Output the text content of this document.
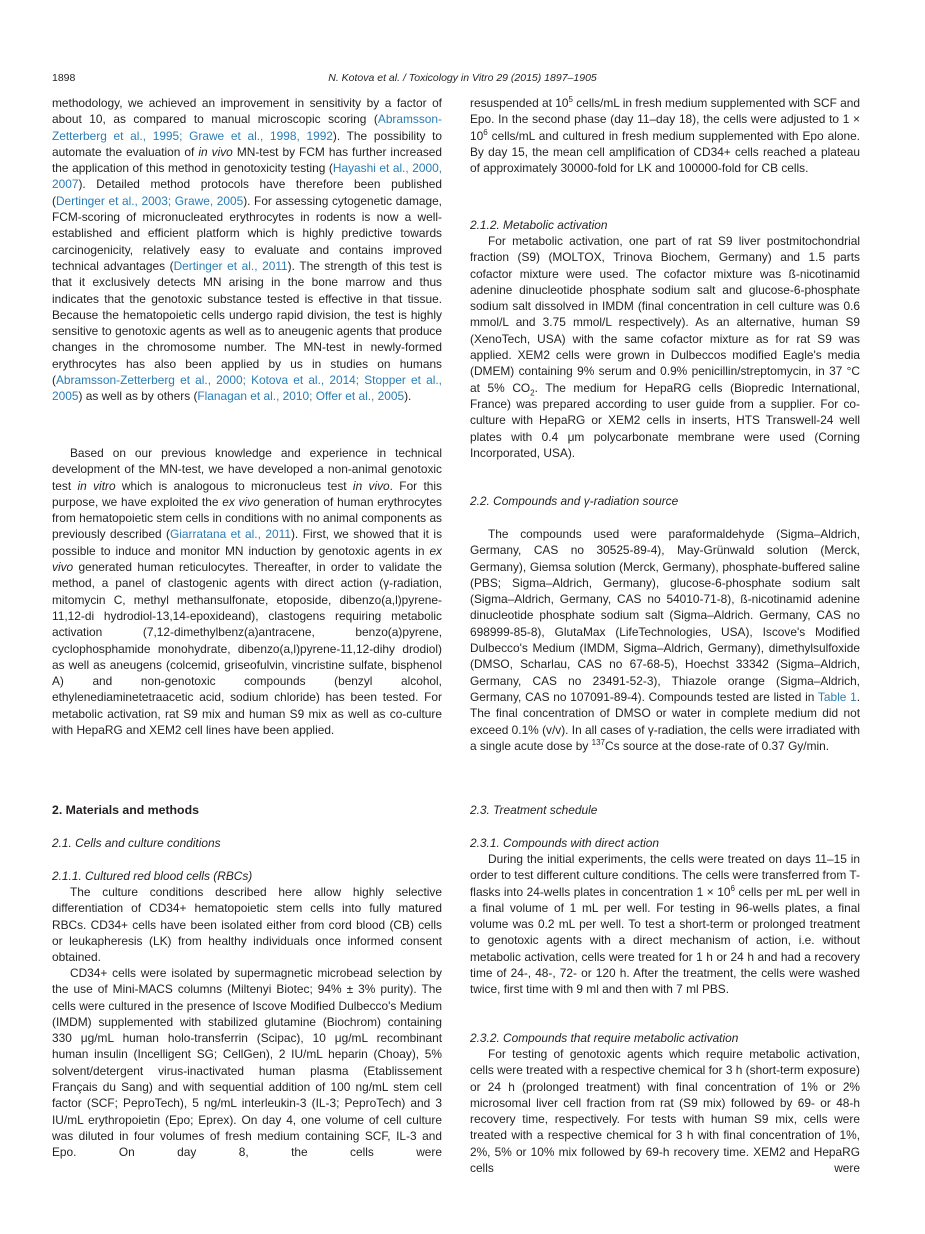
1898	N. Kotova et al. / Toxicology in Vitro 29 (2015) 1897–1905

methodology, we achieved an improvement in sensitivity by a factor of about 10, as compared to manual microscopic scoring (Abramsson-Zetterberg et al., 1995; Grawe et al., 1998, 1992). The possibility to automate the evaluation of in vivo MN-test by FCM has further increased the application of this method in genotoxicity testing (Hayashi et al., 2000, 2007). Detailed method protocols have therefore been published (Dertinger et al., 2003; Grawe, 2005). For assessing cytogenetic damage, FCM-scoring of micronucleated erythrocytes in rodents is now a well-established and efficient platform which is highly predictive towards carcinogenicity, relatively easy to evaluate and contains improved technical advantages (Dertinger et al., 2011). The strength of this test is that it exclusively detects MN arising in the bone marrow and thus indicates that the genotoxic substance tested is effective in that tissue. Because the hematopoietic cells undergo rapid division, the test is highly sensitive to genotoxic agents as well as to aneugenic agents that produce changes in the chromosome number. The MN-test in newly-formed erythrocytes has also been applied by us in studies on humans (Abramsson-Zetterberg et al., 2000; Kotova et al., 2014; Stopper et al., 2005) as well as by others (Flanagan et al., 2010; Offer et al., 2005).

Based on our previous knowledge and experience in technical development of the MN-test, we have developed a non-animal genotoxic test in vitro which is analogous to micronucleus test in vivo. For this purpose, we have exploited the ex vivo generation of human erythrocytes from hematopoietic stem cells in conditions with no animal components as previously described (Giarratana et al., 2011). First, we showed that it is possible to induce and monitor MN induction by genotoxic agents in ex vivo generated human reticulocytes. Thereafter, in order to validate the method, a panel of clastogenic agents with direct action (γ-radiation, mitomycin C, methyl methansulfonate, etoposide, dibenzo(a,l)pyrene-11,12-di hydrodiol-13,14-epoxideand), clastogens requiring metabolic activation (7,12-dimethylbenz(a)antracene, benzo(a)pyrene, cyclophosphamide monohydrate, dibenzo(a,l)pyrene-11,12-dihy drodiol) as well as aneugens (colcemid, griseofulvin, vincristine sulfate, bisphenol A) and non-genotoxic compounds (benzyl alcohol, ethylenediaminetetraacetic acid, sodium chloride) has been tested. For metabolic activation, rat S9 mix and human S9 mix as well as co-culture with HepaRG and XEM2 cell lines have been applied.

2. Materials and methods
2.1. Cells and culture conditions
2.1.1. Cultured red blood cells (RBCs)

The culture conditions described here allow highly selective differentiation of CD34+ hematopoietic stem cells into fully matured RBCs. CD34+ cells have been isolated either from cord blood (CB) cells or leukapheresis (LK) from healthy individuals once informed consent obtained.

CD34+ cells were isolated by supermagnetic microbead selection by the use of Mini-MACS columns (Miltenyi Biotec; 94% ± 3% purity). The cells were cultured in the presence of Iscove Modified Dulbecco's Medium (IMDM) supplemented with stabilized glutamine (Biochrom) containing 330 μg/mL human holo-transferrin (Scipac), 10 μg/mL recombinant human insulin (Incelligent SG; CellGen), 2 IU/mL heparin (Choay), 5% solvent/detergent virus-inactivated human plasma (Etablissement Français du Sang) and with sequential addition of 100 ng/mL stem cell factor (SCF; PeproTech), 5 ng/mL interleukin-3 (IL-3; PeproTech) and 3 IU/mL erythropoietin (Epo; Eprex). On day 4, one volume of cell culture was diluted in four volumes of fresh medium containing SCF, IL-3 and Epo. On day 8, the cells were

resuspended at $10^5$ cells/mL in fresh medium supplemented with SCF and Epo. In the second phase (day 11–day 18), the cells were adjusted to $1 \times 10^6$ cells/mL and cultured in fresh medium supplemented with Epo alone. By day 15, the mean cell amplification of CD34+ cells reached a plateau of approximately 30000-fold for LK and 100000-fold for CB cells.

2.1.2. Metabolic activation

For metabolic activation, one part of rat S9 liver postmitochondrial fraction (S9) (MOLTOX, Trinova Biochem, Germany) and 1.5 parts cofactor mixture were used. The cofactor mixture was ß-nicotinamid adenine dinucleotide phosphate sodium salt and glucose-6-phosphate sodium salt dissolved in IMDM (final concentration in cell culture was 0.6 mmol/L and 3.75 mmol/L respectively). As an alternative, human S9 (XenoTech, USA) with the same cofactor mixture as for rat S9 was applied. XEM2 cells were grown in Dulbeccos modified Eagle's media (DMEM) containing 9% serum and 0.9% penicillin/streptomycin, in 37 °C at 5% $CO_2$. The medium for HepaRG cells (Biopredic International, France) was prepared according to user guide from a supplier. For co-culture with HepaRG or XEM2 cells in inserts, HTS Transwell-24 well plates with 0.4 μm polycarbonate membrane were used (Corning Incorporated, USA).

2.2. Compounds and γ-radiation source

The compounds used were paraformaldehyde (Sigma–Aldrich, Germany, CAS no 30525-89-4), May-Grünwald solution (Merck, Germany), Giemsa solution (Merck, Germany), phosphate-buffered saline (PBS; Sigma–Aldrich, Germany), glucose-6-phosphate sodium salt (Sigma–Aldrich, Germany, CAS no 54010-71-8), ß-nicotinamid adenine dinucleotide phosphate sodium salt (Sigma–Aldrich. Germany, CAS no 698999-85-8), GlutaMax (LifeTechnologies, USA), Iscove's Modified Dulbecco's Medium (IMDM, Sigma–Aldrich, Germany), dimethylsulfoxide (DMSO, Scharlau, CAS no 67-68-5), Hoechst 33342 (Sigma–Aldrich, Germany, CAS no 23491-52-3), Thiazole orange (Sigma–Aldrich, Germany, CAS no 107091-89-4). Compounds tested are listed in Table 1. The final concentration of DMSO or water in complete medium did not exceed 0.1% (v/v). In all cases of γ-radiation, the cells were irradiated with a single acute dose by $^{137}$Cs source at the dose-rate of 0.37 Gy/min.

2.3. Treatment schedule
2.3.1. Compounds with direct action

During the initial experiments, the cells were treated on days 11–15 in order to test different culture conditions. The cells were transferred from T-flasks into 24-wells plates in concentration $1 \times 10^6$ cells per mL per well in a final volume of 1 mL per well. For testing in 96-wells plates, a final volume was 0.2 mL per well. To test a short-term or prolonged treatment to genotoxic agents with a direct mechanism of action, i.e. without metabolic activation, cells were treated for 1 h or 24 h and had a recovery time of 24-, 48-, 72- or 120 h. After the treatment, the cells were washed twice, first time with 9 ml and then with 7 ml PBS.

2.3.2. Compounds that require metabolic activation

For testing of genotoxic agents which require metabolic activation, cells were treated with a respective chemical for 3 h (short-term exposure) or 24 h (prolonged treatment) with final concentration of 1% or 2% microsomal liver cell fraction from rat (S9 mix) followed by 69- or 48-h recovery time, respectively. For tests with human S9 mix, cells were treated with a respective chemical for 3 h with final concentration of 1%, 2%, 5% or 10% mix followed by 69-h recovery time. XEM2 and HepaRG cells were
